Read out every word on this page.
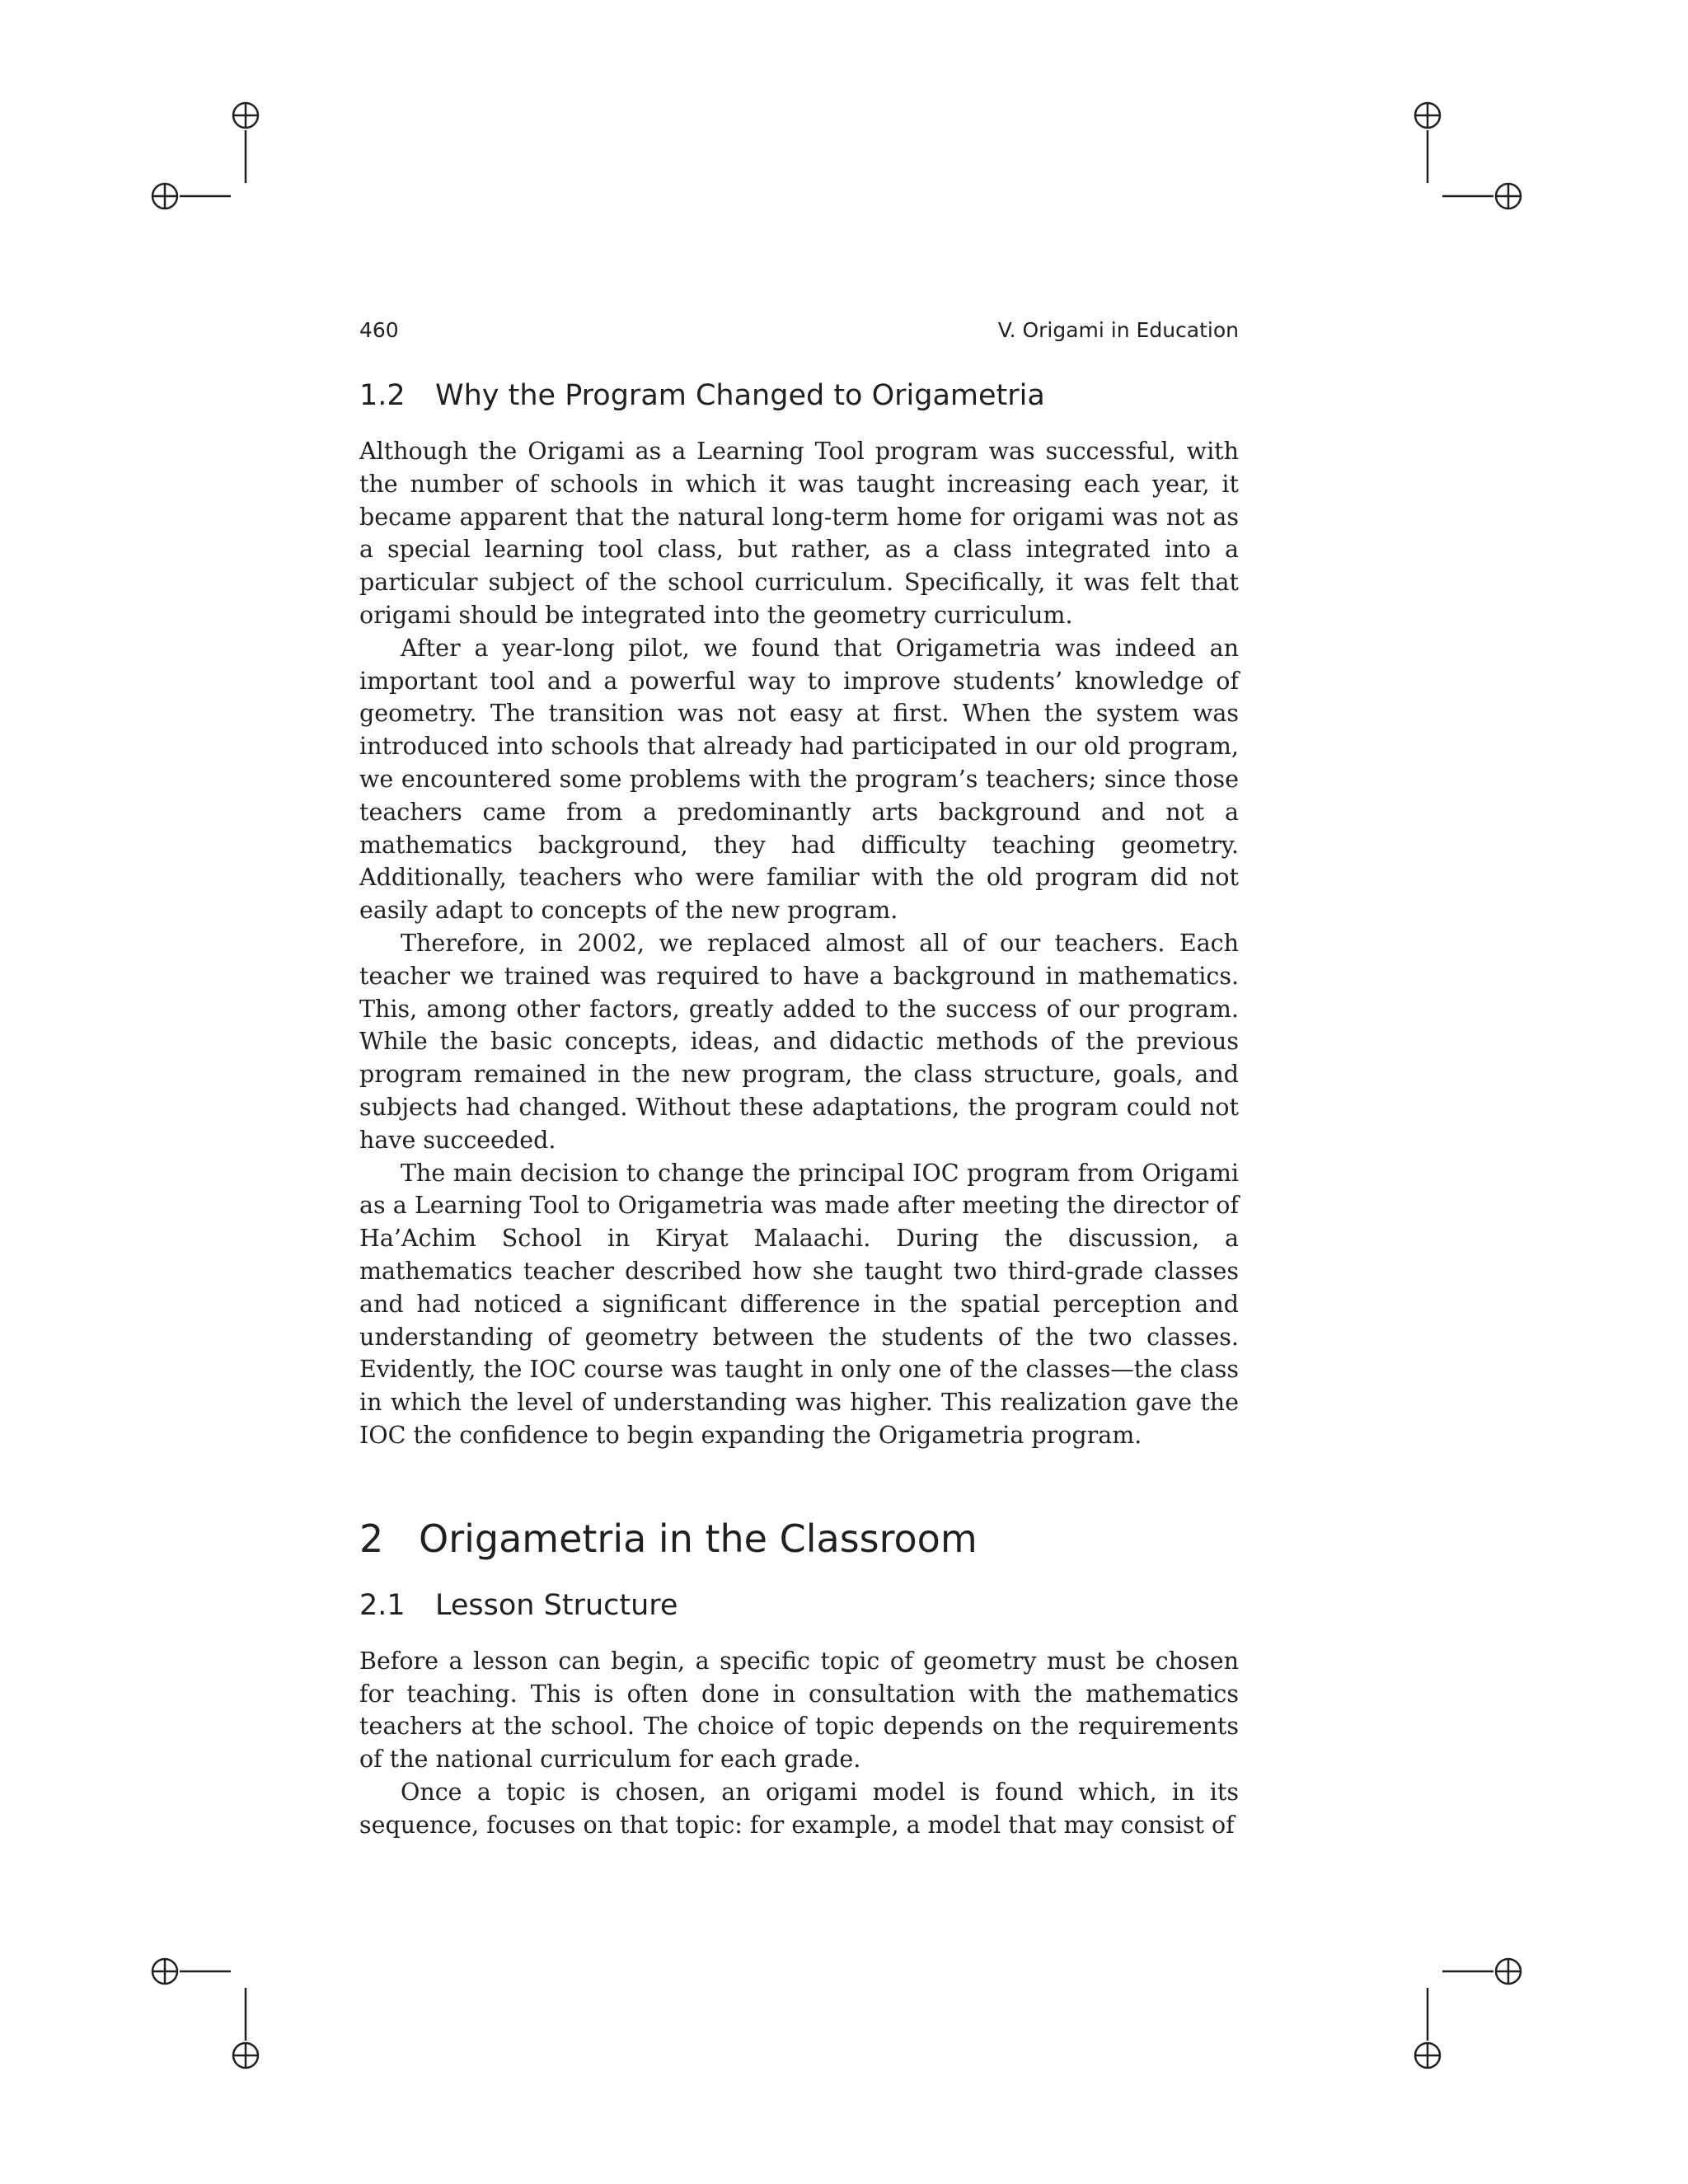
460	V. Origami in Education
1.2 Why the Program Changed to Origametria

Although the Origami as a Learning Tool program was successful, with the number of schools in which it was taught increasing each year, it became apparent that the natural long-term home for origami was not as a special learning tool class, but rather, as a class integrated into a particular subject of the school curriculum. Specifically, it was felt that origami should be integrated into the geometry curriculum.

After a year-long pilot, we found that Origametria was indeed an important tool and a powerful way to improve students’ knowledge of geometry. The transition was not easy at first. When the system was introduced into schools that already had participated in our old program, we encountered some problems with the program’s teachers; since those teachers came from a predominantly arts background and not a mathematics background, they had difficulty teaching geometry. Additionally, teachers who were familiar with the old program did not easily adapt to concepts of the new program.

Therefore, in 2002, we replaced almost all of our teachers. Each teacher we trained was required to have a background in mathematics. This, among other factors, greatly added to the success of our program. While the basic concepts, ideas, and didactic methods of the previous program remained in the new program, the class structure, goals, and subjects had changed. Without these adaptations, the program could not have succeeded.

The main decision to change the principal IOC program from Origami as a Learning Tool to Origametria was made after meeting the director of Ha’Achim School in Kiryat Malaachi. During the discussion, a mathematics teacher described how she taught two third-grade classes and had noticed a significant difference in the spatial perception and understanding of geometry between the students of the two classes. Evidently, the IOC course was taught in only one of the classes—the class in which the level of understanding was higher. This realization gave the IOC the confidence to begin expanding the Origametria program.

2 Origametria in the Classroom
2.1 Lesson Structure

Before a lesson can begin, a specific topic of geometry must be chosen for teaching. This is often done in consultation with the mathematics teachers at the school. The choice of topic depends on the requirements of the national curriculum for each grade.

Once a topic is chosen, an origami model is found which, in its sequence, focuses on that topic: for example, a model that may consist of
